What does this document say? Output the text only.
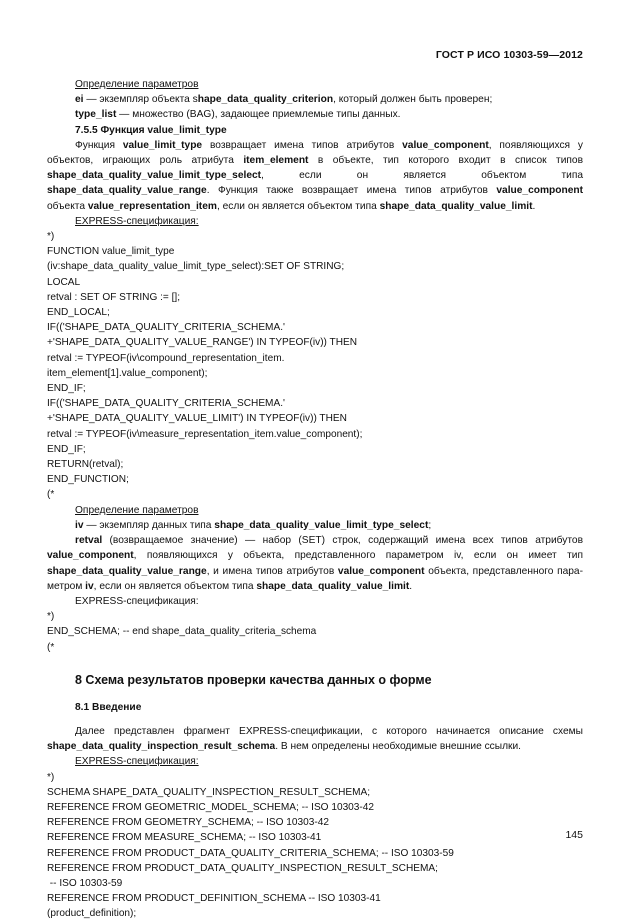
ГОСТ Р ИСО 10303-59—2012
Определение параметров
ei — экземпляр объекта shape_data_quality_criterion, который должен быть проверен;
type_list — множество (BAG), задающее приемлемые типы данных.
7.5.5 Функция value_limit_type
Функция value_limit_type возвращает имена типов атрибутов value_component, появляющихся у объектов, играющих роль атрибута item_element в объекте, тип которого входит в список типов shape_data_quality_value_limit_type_select, если он является объектом типа shape_data_quality_value_range. Функция также возвращает имена типов атрибутов value_component объекта value_representation_item, если он является объектом типа shape_data_quality_value_limit.
EXPRESS-спецификация:
*)
FUNCTION value_limit_type
(iv:shape_data_quality_value_limit_type_select):SET OF STRING;
LOCAL
retval : SET OF STRING := [];
END_LOCAL;
IF(('SHAPE_DATA_QUALITY_CRITERIA_SCHEMA.'
+'SHAPE_DATA_QUALITY_VALUE_RANGE') IN TYPEOF(iv)) THEN
retval := TYPEOF(iv\compound_representation_item.
item_element[1].value_component);
END_IF;
IF(('SHAPE_DATA_QUALITY_CRITERIA_SCHEMA.'
+'SHAPE_DATA_QUALITY_VALUE_LIMIT') IN TYPEOF(iv)) THEN
retval := TYPEOF(iv\measure_representation_item.value_component);
END_IF;
RETURN(retval);
END_FUNCTION;
(*
Определение параметров
iv — экземпляр данных типа shape_data_quality_value_limit_type_select;
retval (возвращаемое значение) — набор (SET) строк, содержащий имена всех типов атрибутов value_component, появляющихся у объекта, представленного параметром iv, если он имеет тип shape_data_quality_value_range, и имена типов атрибутов value_component объекта, представленного параметром iv, если он является объектом типа shape_data_quality_value_limit.
EXPRESS-спецификация:
*)
END_SCHEMA; -- end shape_data_quality_criteria_schema
(*
8 Схема результатов проверки качества данных о форме
8.1 Введение
Далее представлен фрагмент EXPRESS-спецификации, с которого начинается описание схемы shape_data_quality_inspection_result_schema. В нем определены необходимые внешние ссылки.
EXPRESS-спецификация:
*)
SCHEMA SHAPE_DATA_QUALITY_INSPECTION_RESULT_SCHEMA;
REFERENCE FROM GEOMETRIC_MODEL_SCHEMA; -- ISO 10303-42
REFERENCE FROM GEOMETRY_SCHEMA; -- ISO 10303-42
REFERENCE FROM MEASURE_SCHEMA; -- ISO 10303-41
REFERENCE FROM PRODUCT_DATA_QUALITY_CRITERIA_SCHEMA; -- ISO 10303-59
REFERENCE FROM PRODUCT_DATA_QUALITY_INSPECTION_RESULT_SCHEMA;
-- ISO 10303-59
REFERENCE FROM PRODUCT_DEFINITION_SCHEMA -- ISO 10303-41
(product_definition);
145
